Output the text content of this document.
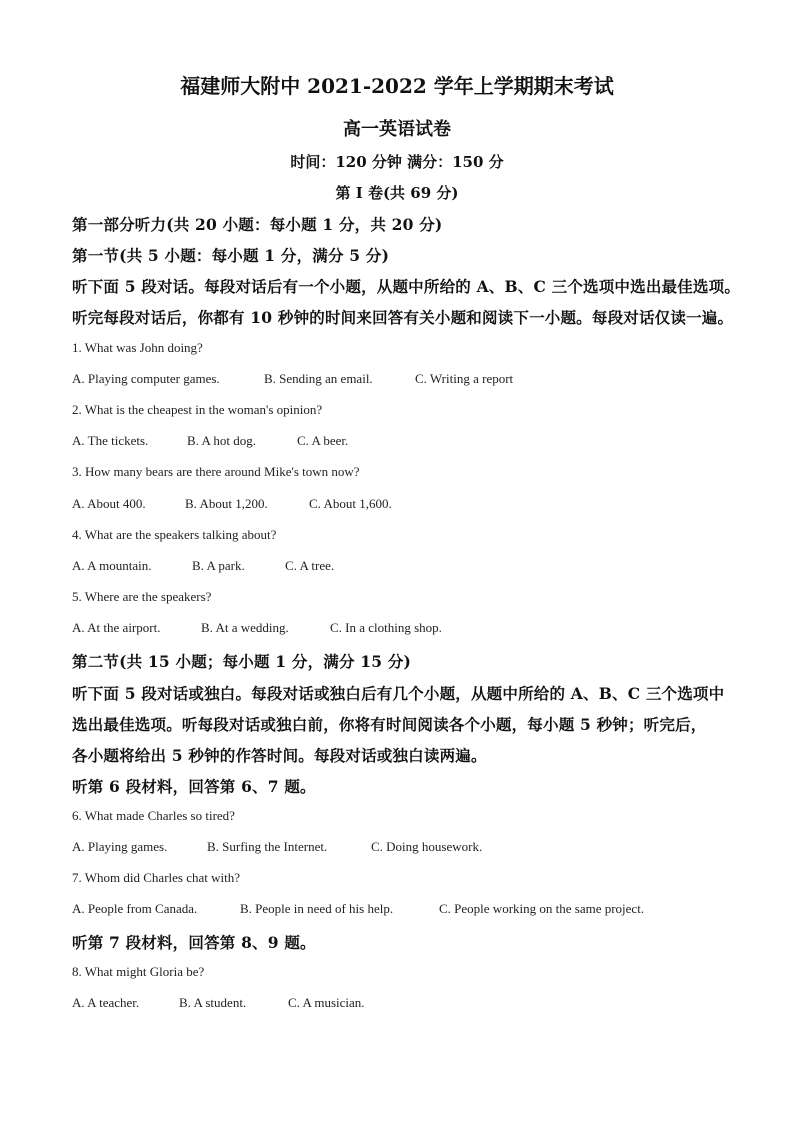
福建师大附中 2021-2022 学年上学期期末考试
高一英语试卷
时间：120 分钟 满分：150 分
第 I 卷(共 69 分)
第一部分听力(共 20 小题：每小题 1 分，共 20 分)
第一节(共 5 小题：每小题 1 分，满分 5 分)
听下面 5 段对话。每段对话后有一个小题，从题中所给的 A、B、C 三个选项中选出最佳选项。
听完每段对话后，你都有 10 秒钟的时间来回答有关小题和阅读下一小题。每段对话仅读一遍。
1. What was John doing?
A. Playing computer games.	B. Sending an email.	C. Writing a report
2. What is the cheapest in the woman's opinion?
A. The tickets.	B. A hot dog.	C. A beer.
3. How many bears are there around Mike's town now?
A. About 400.	B. About 1,200.	C. About 1,600.
4. What are the speakers talking about?
A. A mountain.	B. A park.	C. A tree.
5. Where are the speakers?
A. At the airport.	B. At a wedding.	C. In a clothing shop.
第二节(共 15 小题；每小题 1 分，满分 15 分)
听下面 5 段对话或独白。每段对话或独白后有几个小题，从题中所给的 A、B、C 三个选项中
选出最佳选项。听每段对话或独白前，你将有时间阅读各个小题，每小题 5 秒钟；听完后，
各小题将给出 5 秒钟的作答时间。每段对话或独白读两遍。
听第 6 段材料，回答第 6、7 题。
6. What made Charles so tired?
A. Playing games.	B. Surfing the Internet.	C. Doing housework.
7. Whom did Charles chat with?
A. People from Canada.	B. People in need of his help.	C. People working on the same project.
听第 7 段材料，回答第 8、9 题。
8. What might Gloria be?
A. A teacher.	B. A student.	C. A musician.
